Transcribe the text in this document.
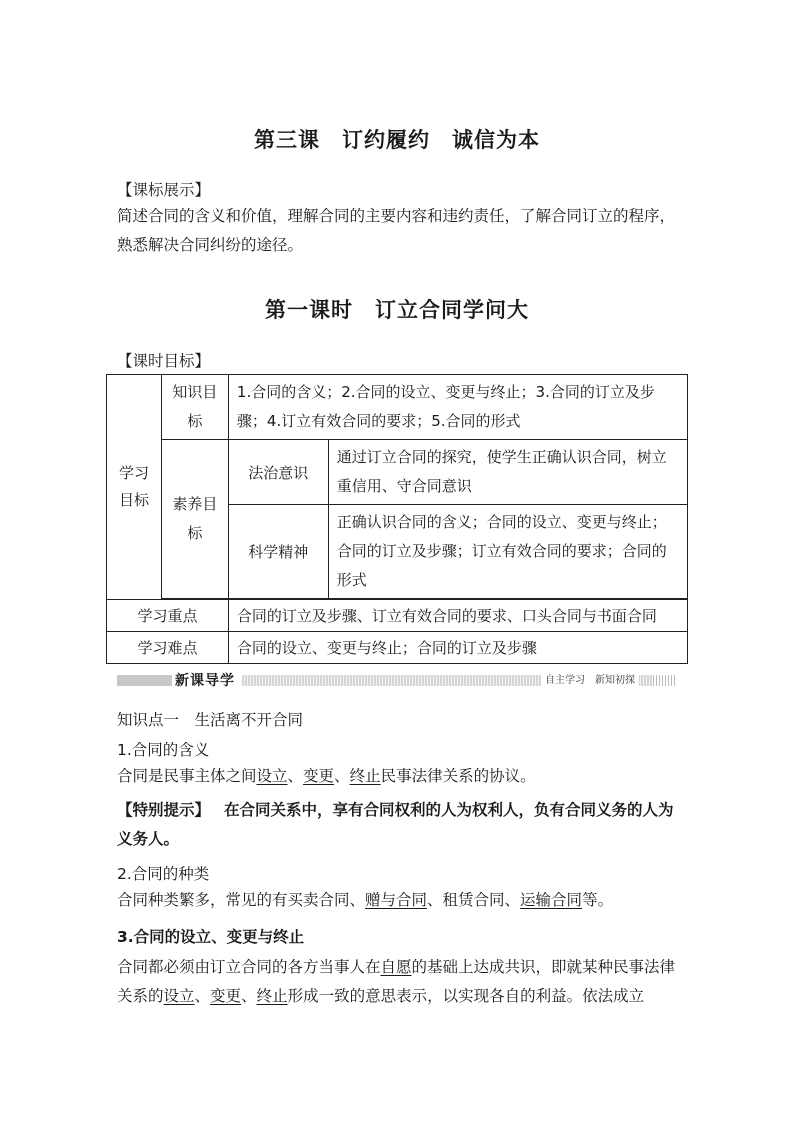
第三课　订约履约　诚信为本
【课标展示】
简述合同的含义和价值，理解合同的主要内容和违约责任，了解合同订立的程序，熟悉解决合同纠纷的途径。
第一课时　订立合同学问大
【课时目标】
学习目标	知识目标	1.合同的含义；2.合同的设立、变更与终止；3.合同的订立及步骤；4.订立有效合同的要求；5.合同的形式	

	素养目标	法治意识	通过订立合同的探究，使学生正确认识合同，树立重信用、守合同意识

		科学精神	正确认识合同的含义；合同的设立、变更与终止；合同的订立及步骤；订立有效合同的要求；合同的形式

学习重点		合同的订立及步骤、订立有效合同的要求、口头合同与书面合同	

学习难点		合同的设立、变更与终止；合同的订立及步骤	
新课导学	自主学习　新知初探
知识点一　生活离不开合同
1.合同的含义
合同是民事主体之间设立、变更、终止民事法律关系的协议。
【特别提示】 在合同关系中，享有合同权利的人为权利人，负有合同义务的人为义务人。
2.合同的种类
合同种类繁多，常见的有买卖合同、赠与合同、租赁合同、运输合同等。
3.合同的设立、变更与终止
合同都必须由订立合同的各方当事人在自愿的基础上达成共识，即就某种民事法律关系的设立、变更、终止形成一致的意思表示，以实现各自的利益。依法成立
